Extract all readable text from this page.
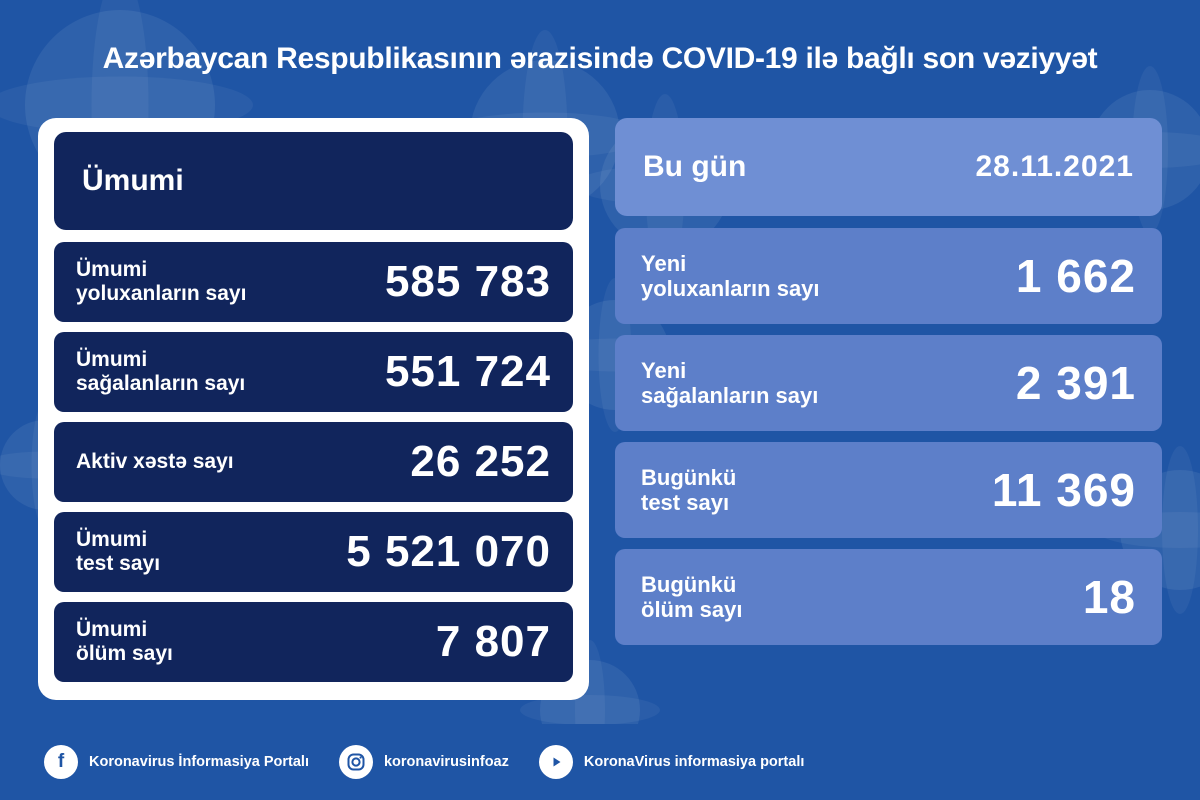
Azərbaycan Respublikasının ərazisində COVID-19 ilə bağlı son vəziyyət
Ümumi
Ümumi
yoluxanların sayı	585 783
Ümumi
sağalanların sayı	551 724
Aktiv xəstə sayı	26 252
Ümumi
test sayı	5 521 070
Ümumi
ölüm sayı	7 807
Bu gün	28.11.2021
Yeni
yoluxanların sayı	1 662
Yeni
sağalanların sayı	2 391
Bugünkü
test sayı	11 369
Bugünkü
ölüm sayı	18
f	Koronavirus İnformasiya Portalı	koronavirusinfoaz	KoronaVirus informasiya portalı
